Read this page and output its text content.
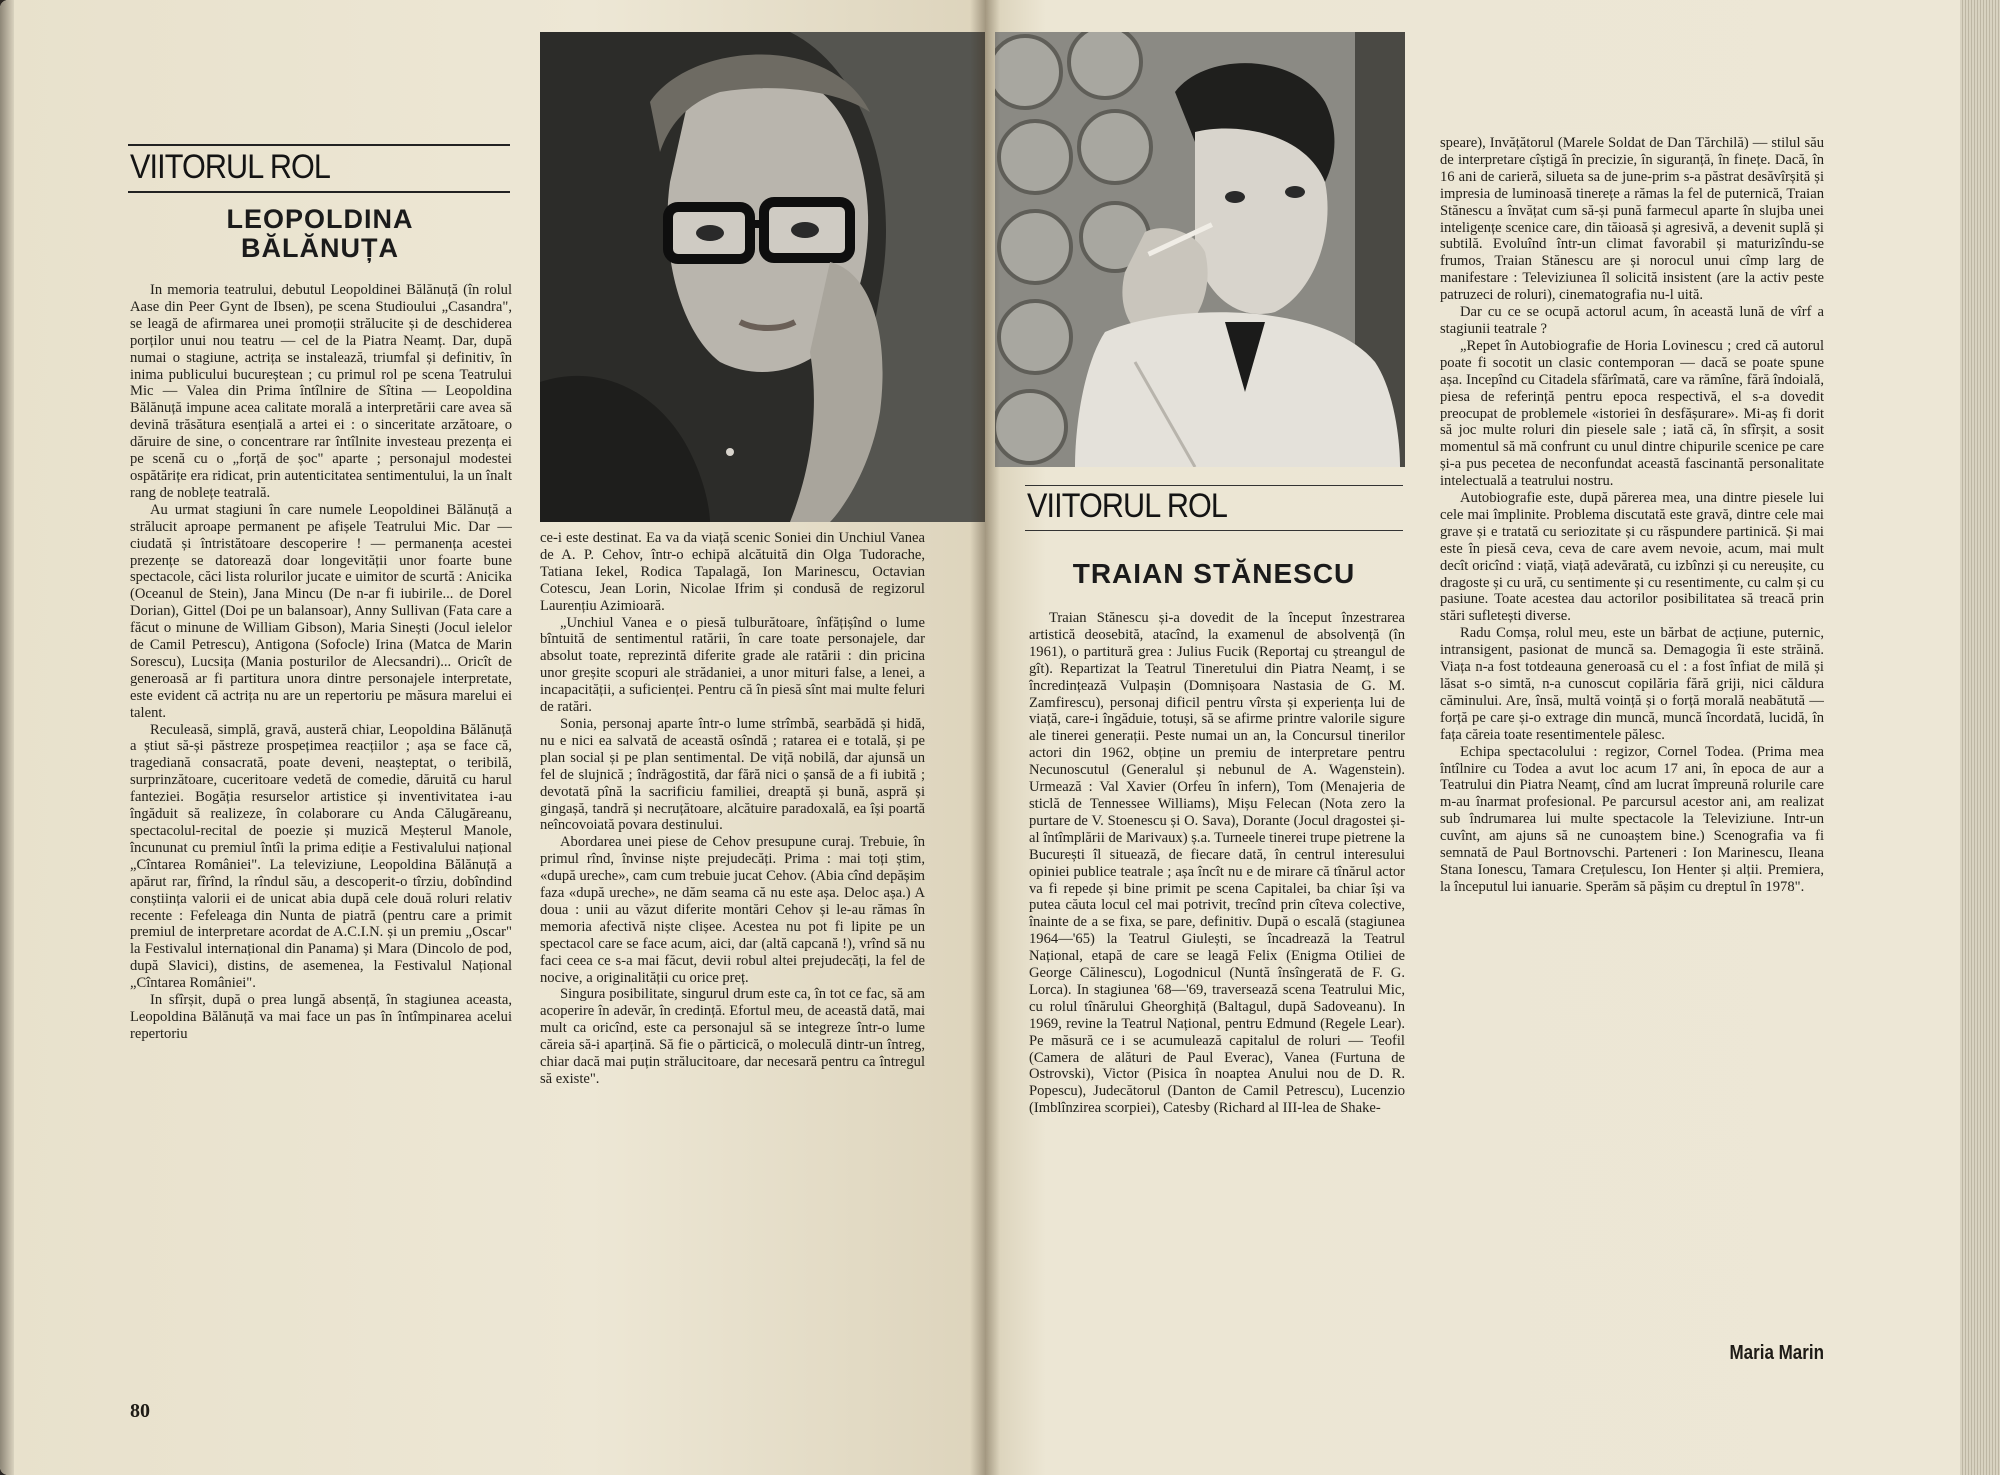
VIITORUL ROL
LEOPOLDINA
BĂLĂNUȚA

In memoria teatrului, debutul Leopoldinei Bălănuță (în rolul Aase din Peer Gynt de Ibsen), pe scena Studioului „Casandra", se leagă de afirmarea unei promoții strălucite și de deschiderea porților unui nou teatru — cel de la Piatra Neamț. Dar, după numai o stagiune, actrița se instalează, triumfal și definitiv, în inima publicului bucureștean ; cu primul rol pe scena Teatrului Mic — Valea din Prima întîlnire de Sîtina — Leopoldina Bălănuță impune acea calitate morală a interpretării care avea să devină trăsătura esențială a artei ei : o sinceritate arzătoare, o dăruire de sine, o concentrare rar întîlnite investeau prezența ei pe scenă cu o „forță de șoc" aparte ; personajul modestei ospătărițe era ridicat, prin autenticitatea sentimentului, la un înalt rang de noblețe teatrală.

Au urmat stagiuni în care numele Leopoldinei Bălănuță a strălucit aproape permanent pe afișele Teatrului Mic. Dar — ciudată și întristătoare descoperire ! — permanența acestei prezențe se datorează doar longevității unor foarte bune spectacole, căci lista rolurilor jucate e uimitor de scurtă : Anicika (Oceanul de Stein), Jana Mincu (De n-ar fi iubirile... de Dorel Dorian), Gittel (Doi pe un balansoar), Anny Sullivan (Fata care a făcut o minune de William Gibson), Maria Sinești (Jocul ielelor de Camil Petrescu), Antigona (Sofocle) Irina (Matca de Marin Sorescu), Lucsița (Mania posturilor de Alecsandri)... Oricît de generoasă ar fi partitura unora dintre personajele interpretate, este evident că actrița nu are un repertoriu pe măsura marelui ei talent.

Reculeasă, simplă, gravă, austeră chiar, Leopoldina Bălănuță a știut să-și păstreze prospețimea reacțiilor ; așa se face că, tragediană consacrată, poate deveni, neașteptat, o teribilă, surprinzătoare, cuceritoare vedetă de comedie, dăruită cu harul fanteziei. Bogăția resurselor artistice și inventivitatea i-au îngăduit să realizeze, în colaborare cu Anda Călugăreanu, spectacolul-recital de poezie și muzică Meșterul Manole, încununat cu premiul întîi la prima ediție a Festivalului național „Cîntarea României". La televiziune, Leopoldina Bălănuță a apărut rar, fîrînd, la rîndul său, a descoperit-o tîrziu, dobîndind conștiința valorii ei de unicat abia după cele două roluri relativ recente : Fefeleaga din Nunta de piatră (pentru care a primit premiul de interpretare acordat de A.C.I.N. și un premiu „Oscar" la Festivalul internațional din Panama) și Mara (Dincolo de pod, după Slavici), distins, de asemenea, la Festivalul Național „Cîntarea României".

In sfîrșit, după o prea lungă absență, în stagiunea aceasta, Leopoldina Bălănuță va mai face un pas în întîmpinarea acelui repertoriu

ce-i este destinat. Ea va da viață scenic Soniei din Unchiul Vanea de A. P. Cehov, într-o echipă alcătuită din Olga Tudorache, Tatiana Iekel, Rodica Tapalagă, Ion Marinescu, Octavian Cotescu, Jean Lorin, Nicolae Ifrim și condusă de regizorul Laurențiu Azimioară.

„Unchiul Vanea e o piesă tulburătoare, înfățișînd o lume bîntuită de sentimentul ratării, în care toate personajele, dar absolut toate, reprezintă diferite grade ale ratării : din pricina unor greșite scopuri ale strădaniei, a unor mituri false, a lenei, a incapacității, a suficienței. Pentru că în piesă sînt mai multe feluri de ratări.

Sonia, personaj aparte într-o lume strîmbă, searbădă și hidă, nu e nici ea salvată de această osîndă ; ratarea ei e totală, și pe plan social și pe plan sentimental. De viță nobilă, dar ajunsă un fel de slujnică ; îndrăgostită, dar fără nici o șansă de a fi iubită ; devotată pînă la sacrificiu familiei, dreaptă și bună, aspră și gingașă, tandră și necruțătoare, alcătuire paradoxală, ea își poartă neîncovoiată povara destinului.

Abordarea unei piese de Cehov presupune curaj. Trebuie, în primul rînd, învinse niște prejudecăți. Prima : mai toți știm, «după ureche», cam cum trebuie jucat Cehov. (Abia cînd depășim faza «după ureche», ne dăm seama că nu este așa. Deloc așa.) A doua : unii au văzut diferite montări Cehov și le-au rămas în memoria afectivă niște clișee. Acestea nu pot fi lipite pe un spectacol care se face acum, aici, dar (altă capcană !), vrînd să nu faci ceea ce s-a mai făcut, devii robul altei prejudecăți, la fel de nocive, a originalității cu orice preț.

Singura posibilitate, singurul drum este ca, în tot ce fac, să am acoperire în adevăr, în credință. Efortul meu, de această dată, mai mult ca oricînd, este ca personajul să se integreze într-o lume căreia să-i aparțină. Să fie o părticică, o moleculă dintr-un întreg, chiar dacă mai puțin strălucitoare, dar necesară pentru ca întregul să existe".

80
VIITORUL ROL
TRAIAN STĂNESCU

Traian Stănescu și-a dovedit de la început înzestrarea artistică deosebită, atacînd, la examenul de absolvență (în 1961), o partitură grea : Julius Fucik (Reportaj cu ștreangul de gît). Repartizat la Teatrul Tineretului din Piatra Neamț, i se încredințează Vulpașin (Domnișoara Nastasia de G. M. Zamfirescu), personaj dificil pentru vîrsta și experiența lui de viață, care-i îngăduie, totuși, să se afirme printre valorile sigure ale tinerei generații. Peste numai un an, la Concursul tinerilor actori din 1962, obține un premiu de interpretare pentru Necunoscutul (Generalul și nebunul de A. Wagenstein). Urmează : Val Xavier (Orfeu în infern), Tom (Menajeria de sticlă de Tennessee Williams), Mișu Felecan (Nota zero la purtare de V. Stoenescu și O. Sava), Dorante (Jocul dragostei și-al întîmplării de Marivaux) ș.a. Turneele tinerei trupe pietrene la București îl situează, de fiecare dată, în centrul interesului opiniei publice teatrale ; așa încît nu e de mirare că tînărul actor va fi repede și bine primit pe scena Capitalei, ba chiar își va putea căuta locul cel mai potrivit, trecînd prin cîteva colective, înainte de a se fixa, se pare, definitiv. După o escală (stagiunea 1964—'65) la Teatrul Giulești, se încadrează la Teatrul Național, etapă de care se leagă Felix (Enigma Otiliei de George Călinescu), Logodnicul (Nuntă însîngerată de F. G. Lorca). In stagiunea '68—'69, traversează scena Teatrului Mic, cu rolul tînărului Gheorghiță (Baltagul, după Sadoveanu). In 1969, revine la Teatrul Național, pentru Edmund (Regele Lear). Pe măsură ce i se acumulează capitalul de roluri — Teofil (Camera de alături de Paul Everac), Vanea (Furtuna de Ostrovski), Victor (Pisica în noaptea Anului nou de D. R. Popescu), Judecătorul (Danton de Camil Petrescu), Lucenzio (Imblînzirea scorpiei), Catesby (Richard al III-lea de Shake-

speare), Invățătorul (Marele Soldat de Dan Tărchilă) — stilul său de interpretare cîștigă în precizie, în siguranță, în finețe. Dacă, în 16 ani de carieră, silueta sa de june-prim s-a păstrat desăvîrșită și impresia de luminoasă tinerețe a rămas la fel de puternică, Traian Stănescu a învățat cum să-și pună farmecul aparte în slujba unei inteligențe scenice care, din tăioasă și agresivă, a devenit suplă și subtilă. Evoluînd într-un climat favorabil și maturizîndu-se frumos, Traian Stănescu are și norocul unui cîmp larg de manifestare : Televiziunea îl solicită insistent (are la activ peste patruzeci de roluri), cinematografia nu-l uită.

Dar cu ce se ocupă actorul acum, în această lună de vîrf a stagiunii teatrale ?

„Repet în Autobiografie de Horia Lovinescu ; cred că autorul poate fi socotit un clasic contemporan — dacă se poate spune așa. Incepînd cu Citadela sfărîmată, care va rămîne, fără îndoială, piesa de referință pentru epoca respectivă, el s-a dovedit preocupat de problemele «istoriei în desfășurare». Mi-aș fi dorit să joc multe roluri din piesele sale ; iată că, în sfîrșit, a sosit momentul să mă confrunt cu unul dintre chipurile scenice pe care și-a pus pecetea de neconfundat această fascinantă personalitate intelectuală a teatrului nostru.

Autobiografie este, după părerea mea, una dintre piesele lui cele mai împlinite. Problema discutată este gravă, dintre cele mai grave și e tratată cu seriozitate și cu răspundere partinică. Și mai este în piesă ceva, ceva de care avem nevoie, acum, mai mult decît oricînd : viață, viață adevărată, cu izbînzi și cu nereușite, cu dragoste și cu ură, cu sentimente și cu resentimente, cu calm și cu pasiune. Toate acestea dau actorilor posibilitatea să treacă prin stări sufletești diverse.

Radu Comșa, rolul meu, este un bărbat de acțiune, puternic, intransigent, pasionat de muncă sa. Demagogia îi este străină. Viața n-a fost totdeauna generoasă cu el : a fost înfiat de milă și lăsat s-o simtă, n-a cunoscut copilăria fără griji, nici căldura căminului. Are, însă, multă voință și o forță morală neabătută — forță pe care și-o extrage din muncă, muncă încordată, lucidă, în fața căreia toate resentimentele pălesc.

Echipa spectacolului : regizor, Cornel Todea. (Prima mea întîlnire cu Todea a avut loc acum 17 ani, în epoca de aur a Teatrului din Piatra Neamț, cînd am lucrat împreună rolurile care m-au înarmat profesional. Pe parcursul acestor ani, am realizat sub îndrumarea lui multe spectacole la Televiziune. Intr-un cuvînt, am ajuns să ne cunoaștem bine.) Scenografia va fi semnată de Paul Bortnovschi. Parteneri : Ion Marinescu, Ileana Stana Ionescu, Tamara Crețulescu, Ion Henter și alții. Premiera, la începutul lui ianuarie. Sperăm să pășim cu dreptul în 1978".

Maria Marin
